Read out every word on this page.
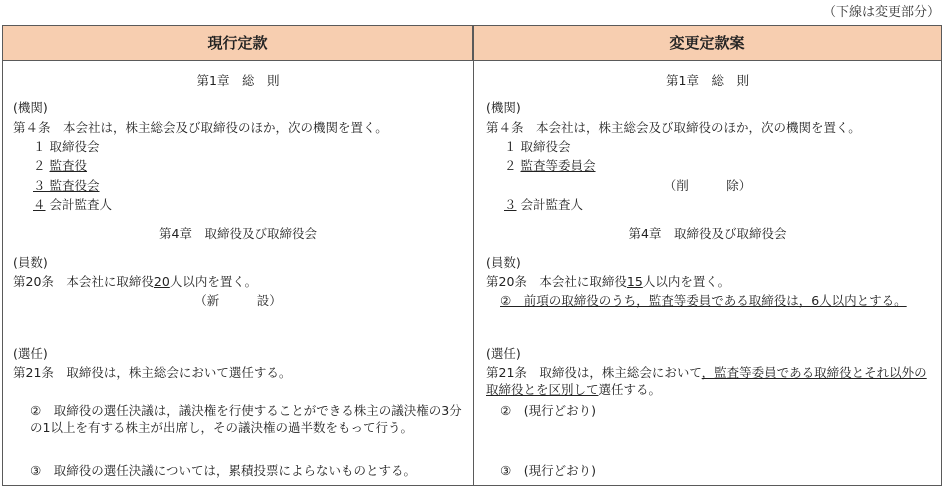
（下線は変更部分）
現行定款	変更定款案
第1章　総　則
(機関)
第４条　本会社は，株主総会及び取締役のほか，次の機関を置く。
１ 取締役会
２ 監査役
３ 監査役会
４ 会計監査人
第4章　取締役及び取締役会
(員数)
第20条　本会社に取締役20人以内を置く。
（新　　　設）
(選任)
第21条　取締役は，株主総会において選任する。
②　取締役の選任決議は，議決権を行使することができる株主の議決権の3分の1以上を有する株主が出席し，その議決権の過半数をもって行う。
③　取締役の選任決議については，累積投票によらないものとする。
第1章　総　則
(機関)
第４条　本会社は，株主総会及び取締役のほか，次の機関を置く。
１ 取締役会
２ 監査等委員会
（削　　　除）
３ 会計監査人
第4章　取締役及び取締役会
(員数)
第20条　本会社に取締役15人以内を置く。
②　前項の取締役のうち，監査等委員である取締役は，6人以内とする。
(選任)
第21条　取締役は，株主総会において，監査等委員である取締役とそれ以外の取締役とを区別して選任する。
②　(現行どおり)
③　(現行どおり)
